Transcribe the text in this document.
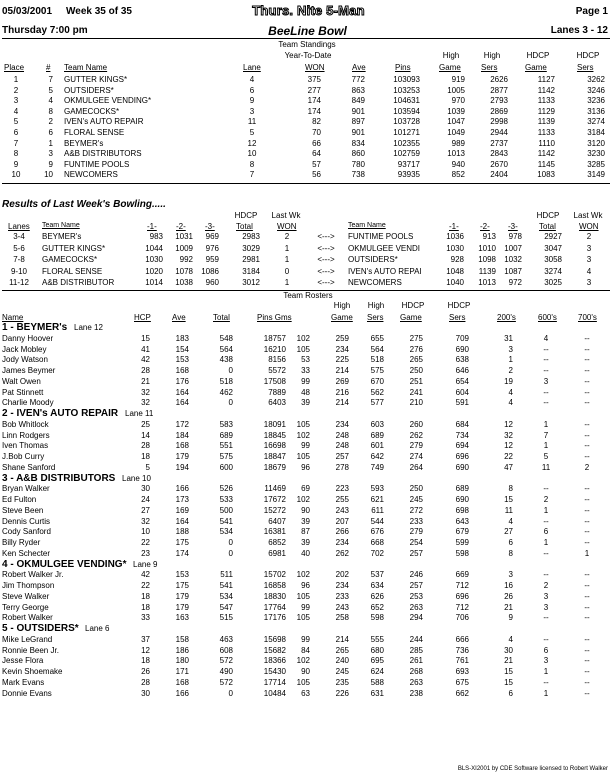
05/03/2001 Week 35 of 35	Thurs. Nite 5-Man	Page 1
Thursday 7:00 pm	BeeLine Bowl	Lanes 3 - 12
Team Standings
Year-To-Date	High	High	HDCP	HDCP
Place	# Team Name	Lane	WON	Ave	Pins	Game	Sers	Game	Sers
1	7 GUTTER KINGS*	4	375	772	103093	919	2626	1127	3262
2	5 OUTSIDERS*	6	277	863	103253	1005	2877	1142	3246
3	4 OKMULGEE VENDING*	9	174	849	104631	970	2793	1133	3236
4	8 GAMECOCKS*	3	174	901	103594	1039	2869	1129	3136
5	2 IVEN's AUTO REPAIR	11	82	897	103728	1047	2998	1139	3274
6	6 FLORAL SENSE	5	70	901	101271	1049	2944	1133	3184
7	1 BEYMER's	12	66	834	102355	989	2737	1110	3120
8	3 A&B DISTRIBUTORS	10	64	860	102759	1013	2843	1142	3230
9	9 FUNTIME POOLS	8	57	780	93717	940	2670	1145	3285
10	10 NEWCOMERS	7	56	738	93935	852	2404	1083	3149
Results of Last Week's Bowling.....
HDCP	Last Wk	HDCP	Last Wk
Lanes Team Name	-1- -2- -3-	Total	WON	Team Name	-1-	-2- -3-	Total	WON
3-4	BEYMER's	983	1031	969	2983	2	<--->	FUNTIME POOLS	1036	913	978	2927	2
5-6	GUTTER KINGS*	1044	1009	976	3029	1	<--->	OKMULGEE VENDI	1030	1010	1007	3047	3
7-8	GAMECOCKS*	1030	992	959	2981	1	<--->	OUTSIDERS*	928	1098	1032	3058	3
9-10	FLORAL SENSE	1020	1078	1086	3184	0	<--->	IVEN's AUTO REPAI	1048	1139	1087	3274	4
11-12	A&B DISTRIBUTOR	1014	1038	960	3012	1	<--->	NEWCOMERS	1040	1013	972	3025	3
Team Rosters
High	High	HDCP	HDCP
Name	HCP	Ave	Total	Pins Gms	Game Sers Game	Sers	200's	600's	700's
1 - BEYMER's Lane 12
Danny Hoover	15	183	548	18757	102	259	655	275	709	31	4	--
Jack Mobley	41	154	564	16210	105	234	564	276	690	3	--	--
Jody Watson	42	153	438	8156	53	225	518	265	638	1	--	--
James Beymer	28	168	0	5572	33	214	575	250	646	2	--	--
Walt Owen	21	176	518	17508	99	269	670	251	654	19	3	--
Pat Stinnett	32	164	462	7889	48	216	562	241	604	4	--	--
Charlie Moody	32	164	0	6403	39	214	577	210	591	4	--	--
2 - IVEN's AUTO REPAIR Lane 11
Bob Whitlock	25	172	583	18091	105	234	603	260	684	12	1	--
Linn Rodgers	14	184	689	18845	102	248	689	262	734	32	7	--
Iven Thomas	28	168	551	16698	99	248	601	279	694	12	1	--
J.Bob Curry	18	179	575	18847	105	257	642	274	696	22	5	--
Shane Sanford	5	194	600	18679	96	278	749	264	690	47	11	2
3 - A&B DISTRIBUTORS Lane 10
Bryan Walker	30	166	526	11469	69	223	593	250	689	8	--	--
Ed Fulton	24	173	533	17672	102	255	621	245	690	15	2	--
Steve Been	27	169	500	15272	90	243	611	272	698	11	1	--
Dennis Curtis	32	164	541	6407	39	207	544	233	643	4	--	--
Cody Sanford	10	188	534	16381	87	266	676	279	679	27	6	--
Billy Ryder	22	175	0	6852	39	234	668	254	599	6	1	--
Ken Schecter	23	174	0	6981	40	262	702	257	598	8	--	1
4 - OKMULGEE VENDING* Lane 9
Robert Walker Jr.	42	153	511	15702	102	202	537	246	669	3	--	--
Jim Thompson	22	175	541	16858	96	234	634	257	712	16	2	--
Steve Walker	18	179	534	18830	105	233	626	253	696	26	3	--
Terry George	18	179	547	17764	99	243	652	263	712	21	3	--
Robert Walker	33	163	515	17176	105	258	598	294	706	9	--	--
5 - OUTSIDERS* Lane 6
Mike LeGrand	37	158	463	15698	99	214	555	244	666	4	--	--
Ronnie Been Jr.	12	186	608	15682	84	265	680	285	736	30	6	--
Jesse Flora	18	180	572	18366	102	240	695	261	761	21	3	--
Kevin Shoemake	26	171	490	15430	90	245	624	268	693	15	1	--
Mark Evans	28	168	572	17714	105	235	588	263	675	15	--	--
Donnie Evans	30	166	0	10484	63	226	631	238	662	6	1	--
BLS-XI2001 by CDE Software licensed to Robert Walker
